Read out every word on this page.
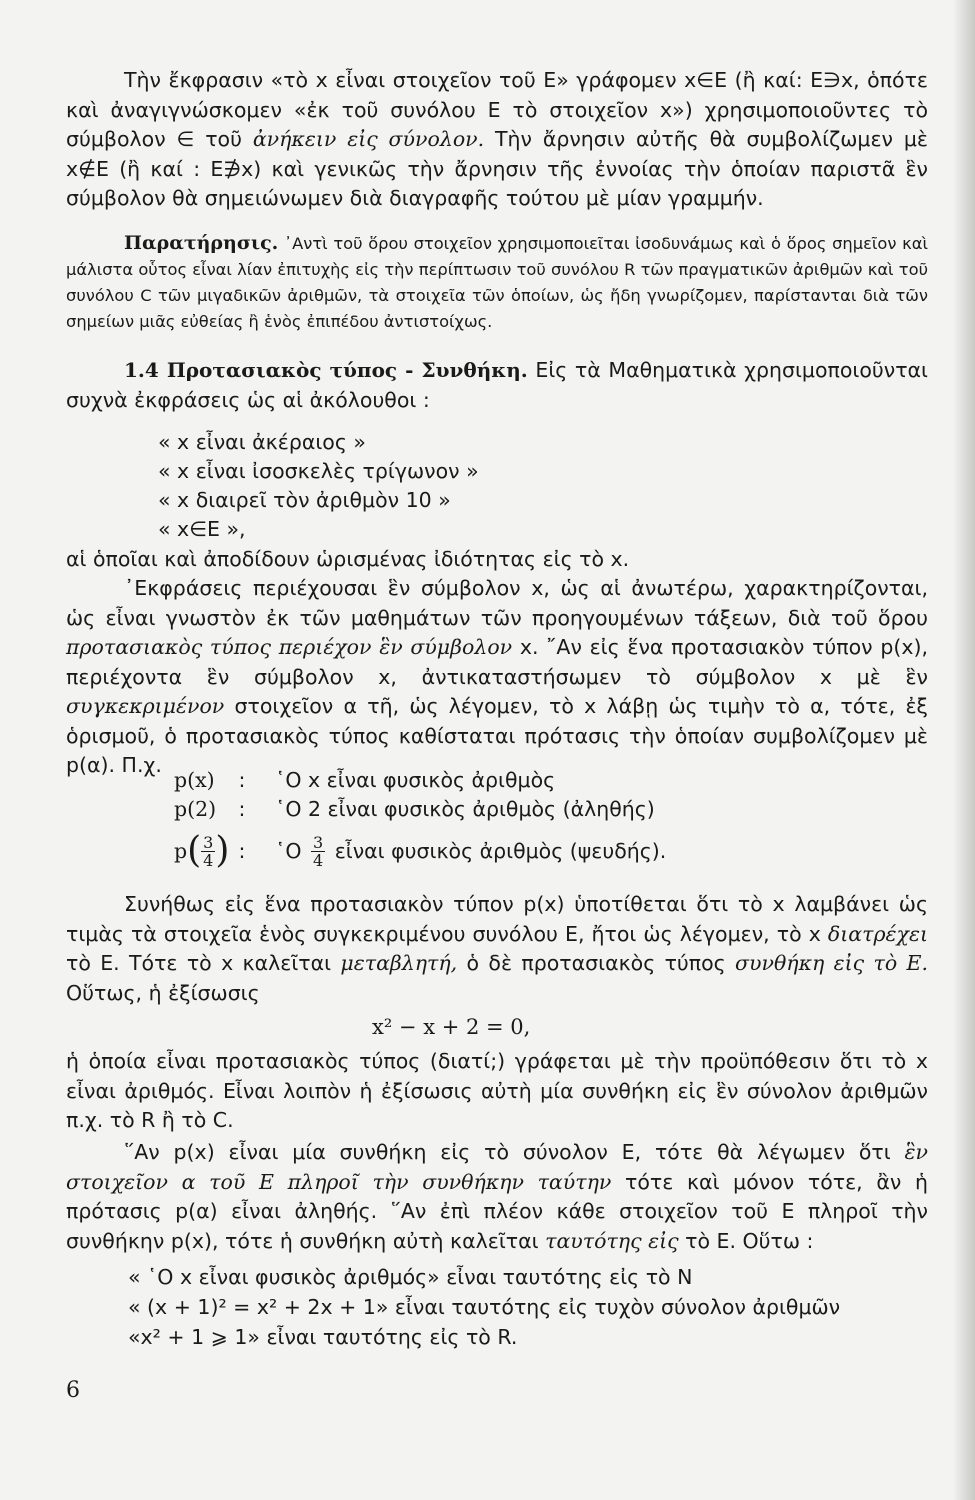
Τὴν ἔκφρασιν «τὸ x εἶναι στοιχεῖον τοῦ E» γράφομεν x∈E (ἢ καί: E∋x, ὁπότε καὶ ἀναγιγνώσκομεν «ἐκ τοῦ συνόλου E τὸ στοιχεῖον x») χρησιμοποιοῦντες τὸ σύμβολον ∈ τοῦ ἀνήκειν εἰς σύνολον. Τὴν ἄρνησιν αὐτῆς θὰ συμβολίζωμεν μὲ x∉E (ἢ καί : E∌x) καὶ γενικῶς τὴν ἄρνησιν τῆς ἐννοίας τὴν ὁποίαν παριστᾶ ἓν σύμβολον θὰ σημειώνωμεν διὰ διαγραφῆς τούτου μὲ μίαν γραμμήν.

Παρατήρησις. ᾿Αντὶ τοῦ ὅρου στοιχεῖον χρησιμοποιεῖται ἰσοδυνάμως καὶ ὁ ὅρος σημεῖον καὶ μάλιστα οὗτος εἶναι λίαν ἐπιτυχὴς εἰς τὴν περίπτωσιν τοῦ συνόλου R τῶν πραγματικῶν ἀριθμῶν καὶ τοῦ συνόλου C τῶν μιγαδικῶν ἀριθμῶν, τὰ στοιχεῖα τῶν ὁποίων, ὡς ἤδη γνωρίζομεν, παρίστανται διὰ τῶν σημείων μιᾶς εὐθείας ἢ ἑνὸς ἐπιπέδου ἀντιστοίχως.

1.4 Προτασιακὸς τύπος - Συνθήκη. Εἰς τὰ Μαθηματικὰ χρησιμοποιοῦνται συχνὰ ἐκφράσεις ὡς αἱ ἀκόλουθοι :

« x εἶναι ἀκέραιος »

« x εἶναι ἰσοσκελὲς τρίγωνον »

« x διαιρεῖ τὸν ἀριθμὸν 10 »

« x∈E »,

αἱ ὁποῖαι καὶ ἀποδίδουν ὡρισμένας ἰδιότητας εἰς τὸ x.

᾿Εκφράσεις περιέχουσαι ἓν σύμβολον x, ὡς αἱ ἀνωτέρω, χαρακτηρίζονται, ὡς εἶναι γνωστὸν ἐκ τῶν μαθημάτων τῶν προηγουμένων τάξεων, διὰ τοῦ ὅρου προτασιακὸς τύπος περιέχον ἓν σύμβολον x. ῎Αν εἰς ἕνα προτασιακὸν τύπον p(x), περιέχοντα ἓν σύμβολον x, ἀντικαταστήσωμεν τὸ σύμβολον x μὲ ἓν συγκεκριμένον στοιχεῖον α τῆ, ὡς λέγομεν, τὸ x λάβῃ ὡς τιμὴν τὸ α, τότε, ἐξ ὁρισμοῦ, ὁ προτασιακὸς τύπος καθίσταται πρότασις τὴν ὁποίαν συμβολίζομεν μὲ p(α). Π.χ.

p(x) : ῾Ο x εἶναι φυσικὸς ἀριθμὸς
p(2) : ῾Ο 2 εἶναι φυσικὸς ἀριθμὸς (ἀληθής)
$p( \frac{3}{4}$ ) : ῾Ο $\frac{3}{4}$ εἶναι φυσικὸς ἀριθμὸς (ψευδής).

Συνήθως εἰς ἕνα προτασιακὸν τύπον p(x) ὑποτίθεται ὅτι τὸ x λαμβάνει ὡς τιμὰς τὰ στοιχεῖα ἑνὸς συγκεκριμένου συνόλου E, ἤτοι ὡς λέγομεν, τὸ x διατρέχει τὸ E. Τότε τὸ x καλεῖται μεταβλητή, ὁ δὲ προτασιακὸς τύπος συνθήκη εἰς τὸ E. Οὕτως, ἡ ἐξίσωσις

x² − x + 2 = 0,

ἡ ὁποία εἶναι προτασιακὸς τύπος (διατί;) γράφεται μὲ τὴν προϋπόθεσιν ὅτι τὸ x εἶναι ἀριθμός. Εἶναι λοιπὸν ἡ ἐξίσωσις αὐτὴ μία συνθήκη εἰς ἓν σύνολον ἀριθμῶν π.χ. τὸ R ἢ τὸ C.

῞Αν p(x) εἶναι μία συνθήκη εἰς τὸ σύνολον E, τότε θὰ λέγωμεν ὅτι ἓν στοιχεῖον α τοῦ E πληροῖ τὴν συνθήκην ταύτην τότε καὶ μόνον τότε, ἂν ἡ πρότασις p(α) εἶναι ἀληθής. ῞Αν ἐπὶ πλέον κάθε στοιχεῖον τοῦ E πληροῖ τὴν συνθήκην p(x), τότε ἡ συνθήκη αὐτὴ καλεῖται ταυτότης εἰς τὸ E. Οὕτω :

« ῾Ο x εἶναι φυσικὸς ἀριθμός» εἶναι ταυτότης εἰς τὸ N

« (x + 1)² = x² + 2x + 1» εἶναι ταυτότης εἰς τυχὸν σύνολον ἀριθμῶν

«x² + 1 ⩾ 1» εἶναι ταυτότης εἰς τὸ R.

6
